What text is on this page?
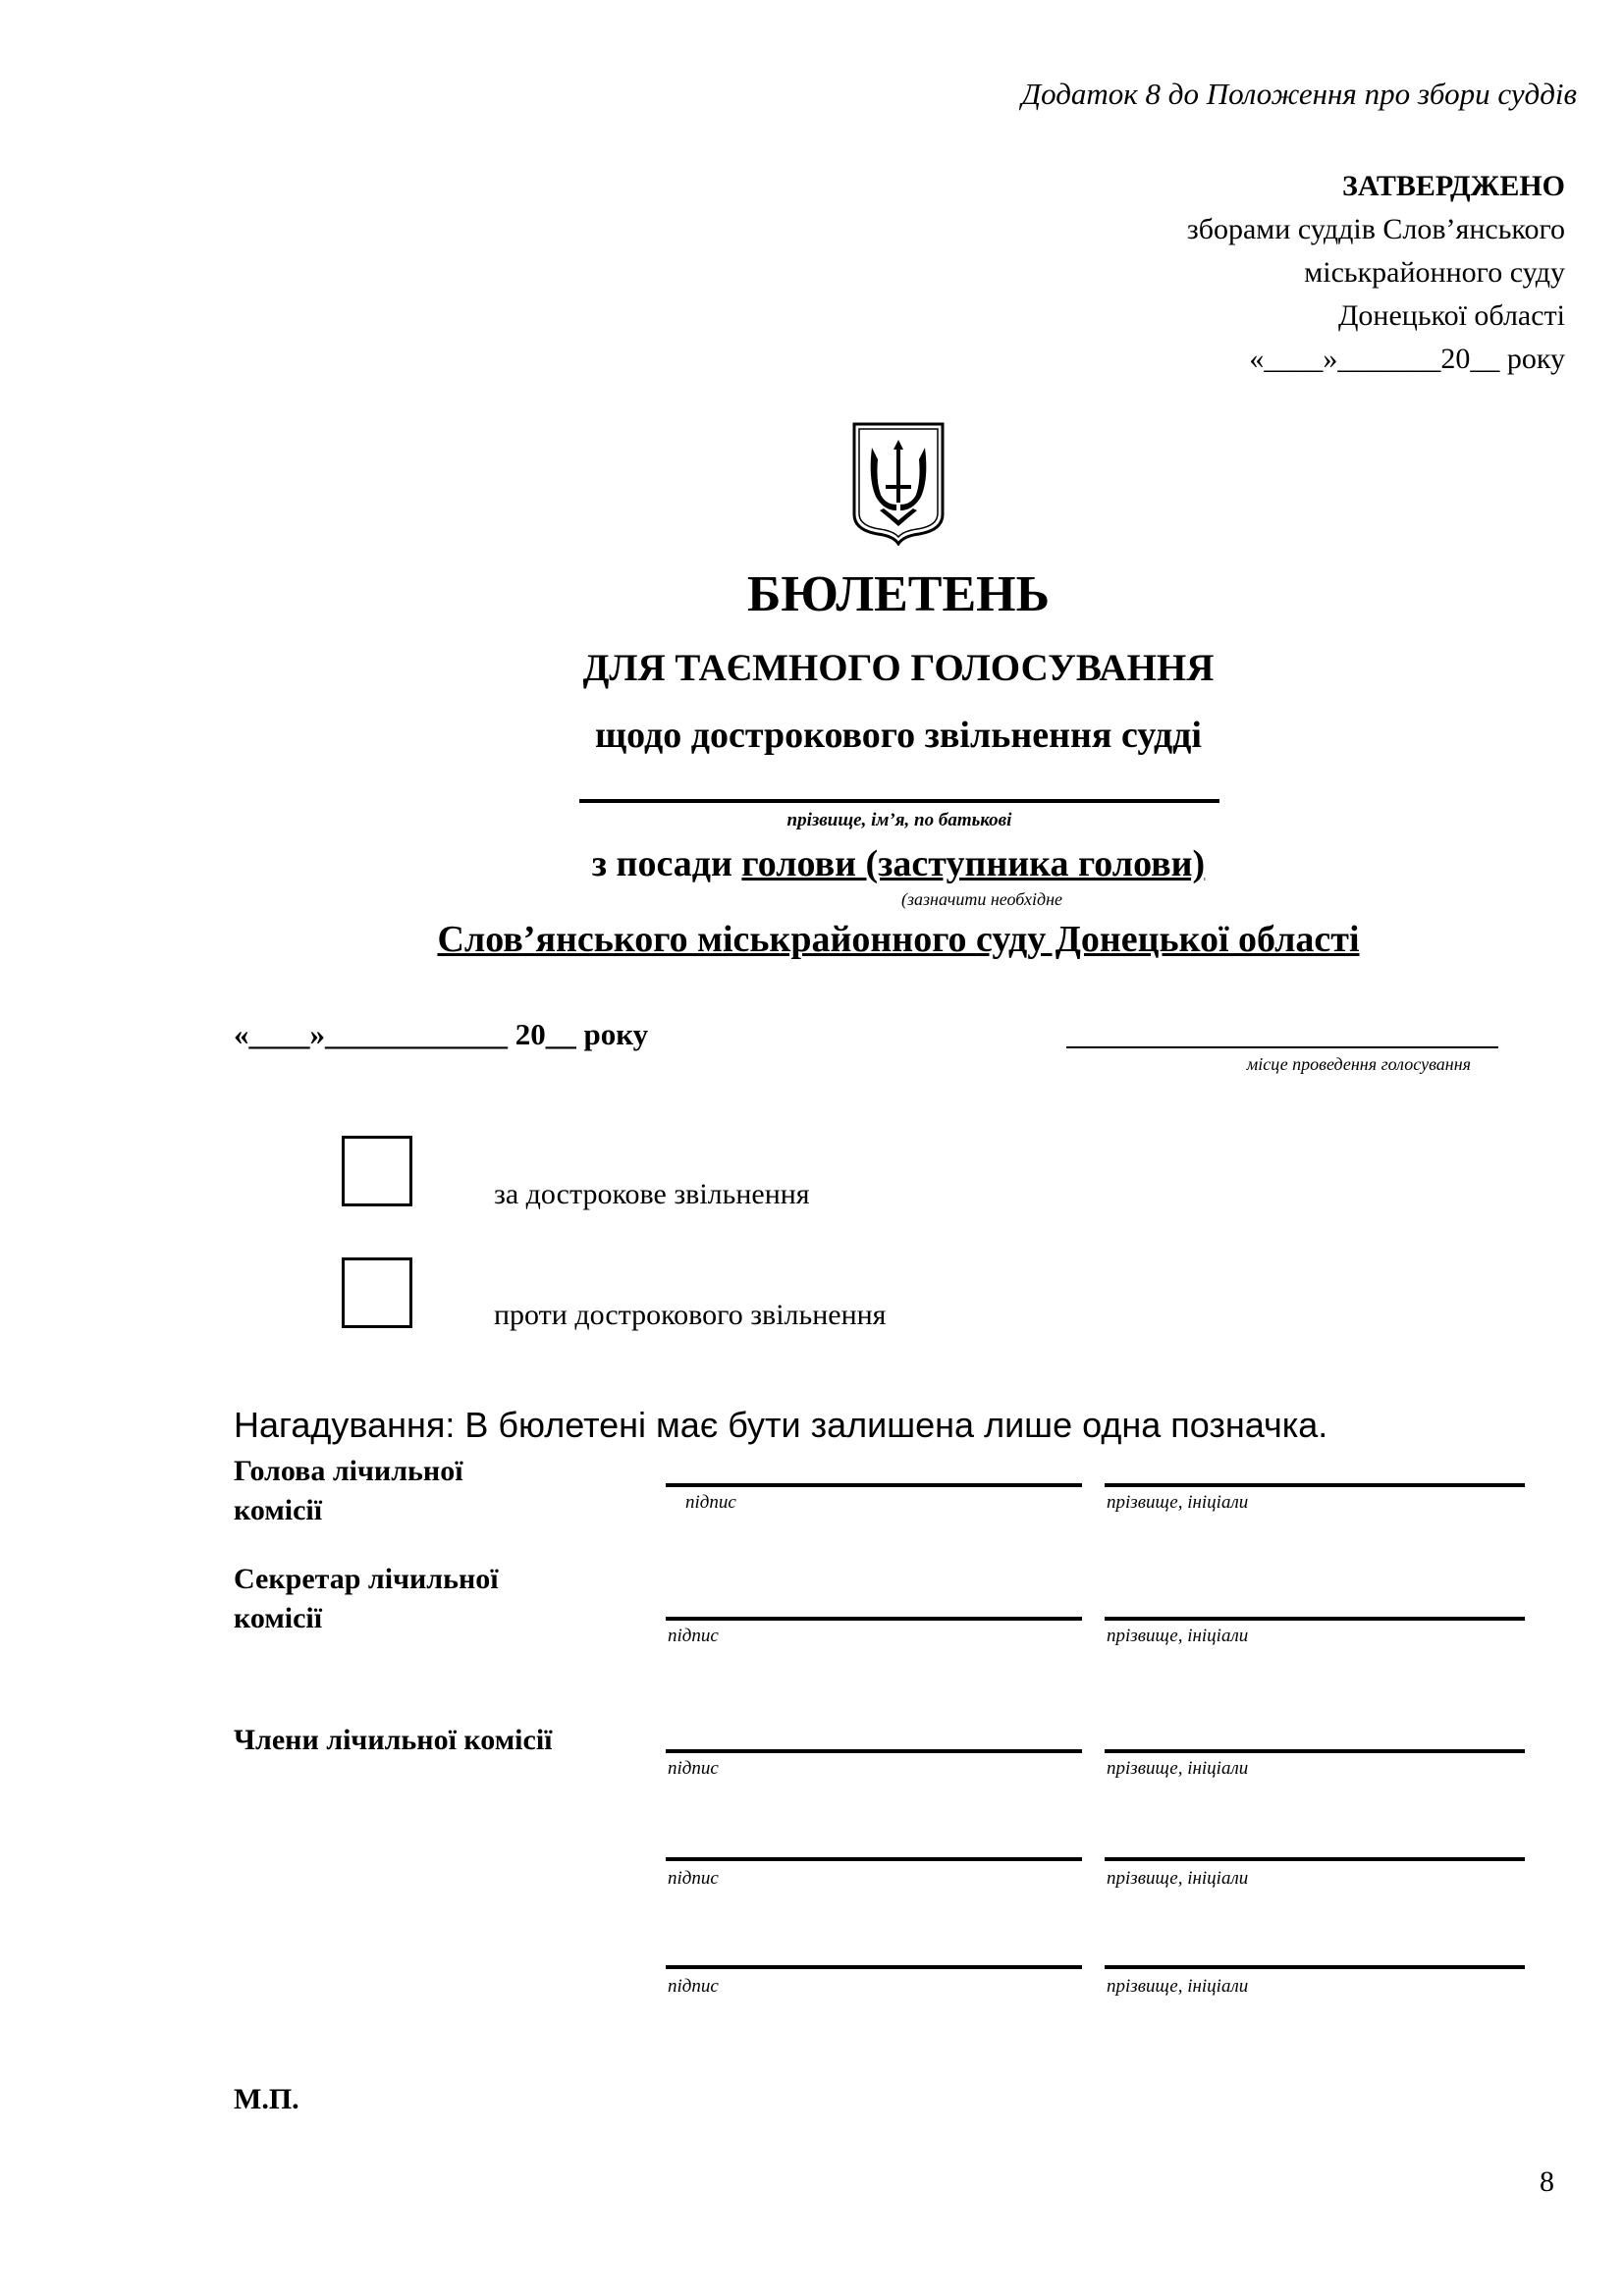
Додаток 8 до Положення про збори суддів
ЗАТВЕРДЖЕНО
зборами суддів Слов’янського
міськрайонного суду
Донецької області
«____»_______20__ року
БЮЛЕТЕНЬ
ДЛЯ ТАЄМНОГО ГОЛОСУВАННЯ
щодо дострокового звільнення судді
прізвище, ім’я, по батькові
з посади голови (заступника голови)
(зазначити необхідне
Слов’янського міськрайонного суду Донецької області
«____»____________ 20__ року
місце проведення голосування
за дострокове звільнення
проти дострокового звільнення
Нагадування: В бюлетені має бути залишена лише одна позначка.
Голова лічильної
комісії	підпис	прізвище, ініціали
Секретар лічильної
комісії
підпис	прізвище, ініціали
Члени лічильної комісії
підпис	прізвище, ініціали
підпис	прізвище, ініціали
підпис	прізвище, ініціали
М.П.
8
